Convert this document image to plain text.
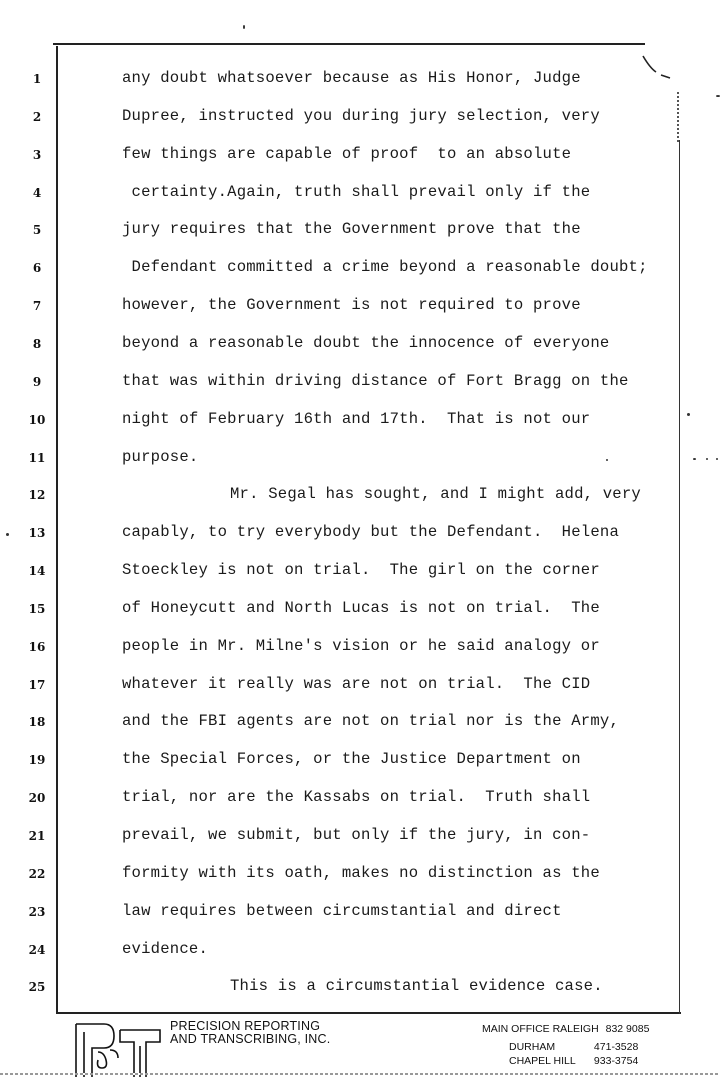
1	any doubt whatsoever because as His Honor, Judge
2	Dupree, instructed you during jury selection, very
3	few things are capable of proof  to an absolute
4	certainty.Again, truth shall prevail only if the
5	jury requires that the Government prove that the
6	Defendant committed a crime beyond a reasonable doubt;
7	however, the Government is not required to prove
8	beyond a reasonable doubt the innocence of everyone
9	that was within driving distance of Fort Bragg on the
10	night of February 16th and 17th.  That is not our
11	purpose.
12	Mr. Segal has sought, and I might add, very
13	capably, to try everybody but the Defendant.  Helena
14	Stoeckley is not on trial.  The girl on the corner
15	of Honeycutt and North Lucas is not on trial.  The
16	people in Mr. Milne's vision or he said analogy or
17	whatever it really was are not on trial.  The CID
18	and the FBI agents are not on trial nor is the Army,
19	the Special Forces, or the Justice Department on
20	trial, nor are the Kassabs on trial.  Truth shall
21	prevail, we submit, but only if the jury, in con-
22	formity with its oath, makes no distinction as the
23	law requires between circumstantial and direct
24	evidence.
25	This is a circumstantial evidence case.
PRECISION REPORTING
AND TRANSCRIBING, INC.
MAIN OFFICE RALEIGH 832 9085
DURHAM	471-3528
CHAPEL HILL 933-3754
